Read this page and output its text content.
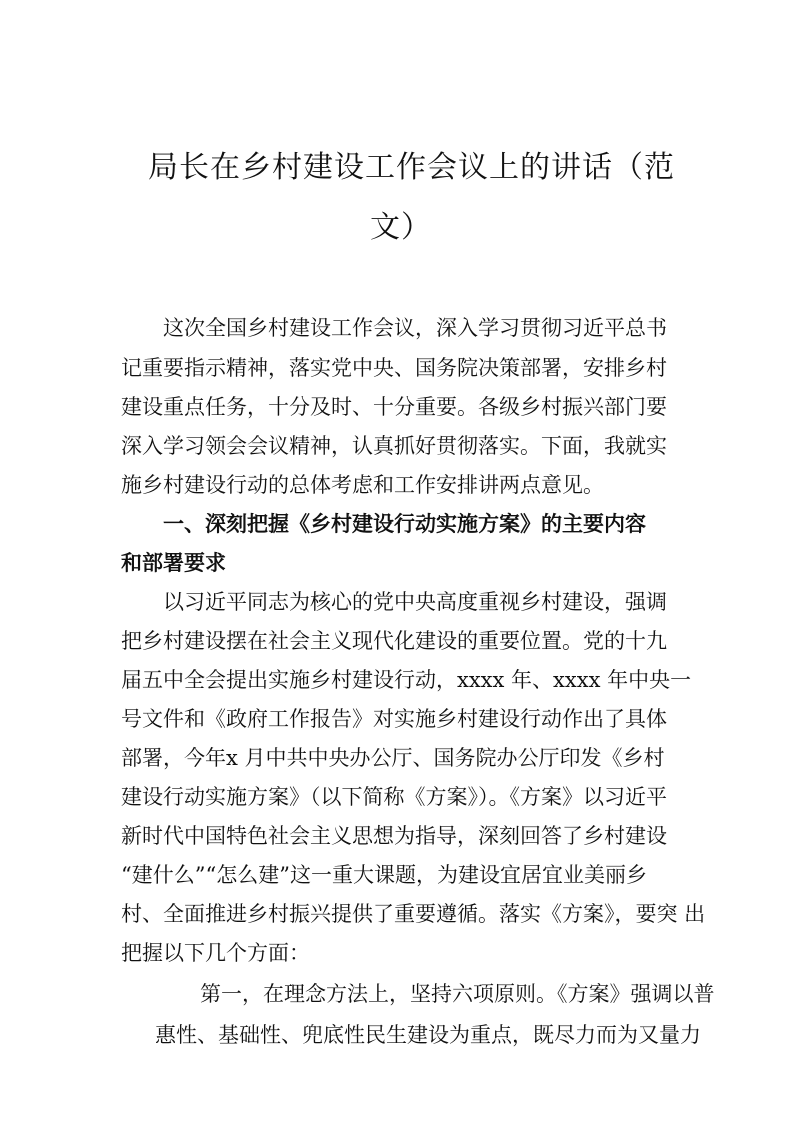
局长在乡村建设工作会议上的讲话（范
文）

这次全国乡村建设工作会议，深入学习贯彻习近平总书

记重要指示精神，落实党中央、国务院决策部署，安排乡村

建设重点任务，十分及时、十分重要。各级乡村振兴部门要

深入学习领会会议精神，认真抓好贯彻落实。下面，我就实

施乡村建设行动的总体考虑和工作安排讲两点意见。

一、深刻把握《乡村建设行动实施方案》的主要内容

和部署要求

以习近平同志为核心的党中央高度重视乡村建设，强调

把乡村建设摆在社会主义现代化建设的重要位置。党的十九

届五中全会提出实施乡村建设行动，xxxx 年、xxxx 年中央一

号文件和《政府工作报告》对实施乡村建设行动作出了具体

部署，今年x 月中共中央办公厅、国务院办公厅印发《乡村

建设行动实施方案》（以下简称《方案》）。《方案》以习近平

新时代中国特色社会主义思想为指导，深刻回答了乡村建设

“建什么”“怎么建”这一重大课题，为建设宜居宜业美丽乡

村、全面推进乡村振兴提供了重要遵循。落实《方案》，要突 出

把握以下几个方面：

第一，在理念方法上，坚持六项原则。《方案》强调以普

惠性、基础性、兜底性民生建设为重点，既尽力而为又量力
